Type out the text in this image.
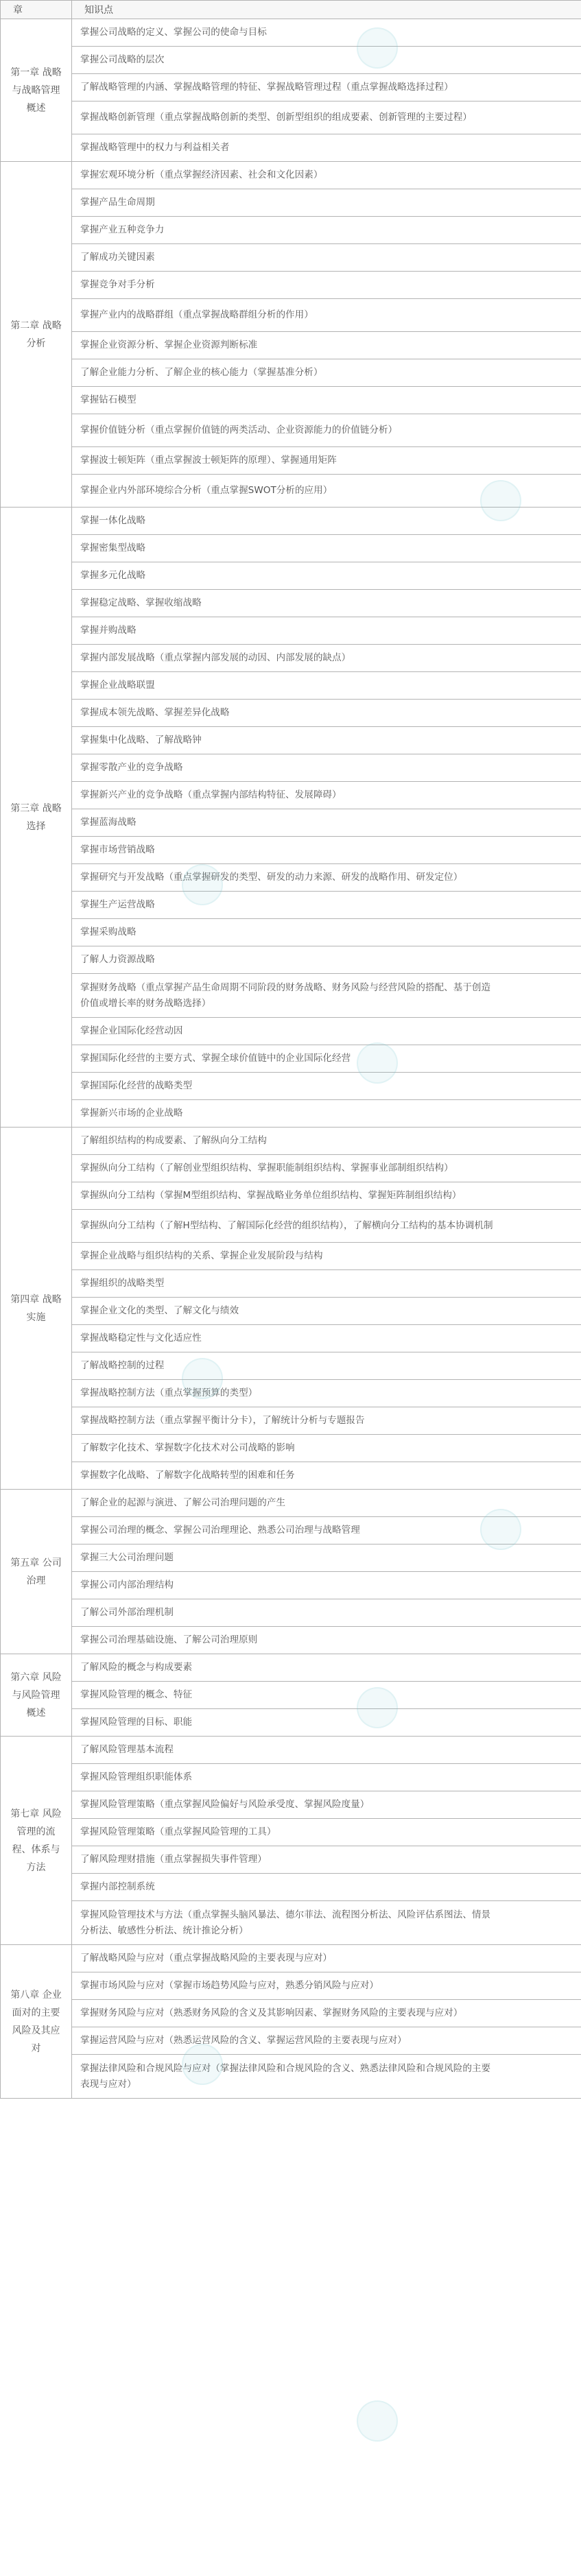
章	知识点

第一章 战略与战略管理概述	掌握公司战略的定义、掌握公司的使命与目标

	掌握公司战略的层次

	了解战略管理的内涵、掌握战略管理的特征、掌握战略管理过程（重点掌握战略选择过程）

	掌握战略创新管理（重点掌握战略创新的类型、创新型组织的组成要素、创新管理的主要过程）

	掌握战略管理中的权力与利益相关者

第二章 战略分析	掌握宏观环境分析（重点掌握经济因素、社会和文化因素）

	掌握产品生命周期

	掌握产业五种竞争力

	了解成功关键因素

	掌握竞争对手分析

	掌握产业内的战略群组（重点掌握战略群组分析的作用）

	掌握企业资源分析、掌握企业资源判断标准

	了解企业能力分析、了解企业的核心能力（掌握基准分析）

	掌握钻石模型

	掌握价值链分析（重点掌握价值链的两类活动、企业资源能力的价值链分析）

	掌握波士顿矩阵（重点掌握波士顿矩阵的原理）、掌握通用矩阵

	掌握企业内外部环境综合分析（重点掌握SWOT分析的应用）

第三章 战略选择	掌握一体化战略

	掌握密集型战略

	掌握多元化战略

	掌握稳定战略、掌握收缩战略

	掌握并购战略

	掌握内部发展战略（重点掌握内部发展的动因、内部发展的缺点）

	掌握企业战略联盟

	掌握成本领先战略、掌握差异化战略

	掌握集中化战略、了解战略钟

	掌握零散产业的竞争战略

	掌握新兴产业的竞争战略（重点掌握内部结构特征、发展障碍）

	掌握蓝海战略

	掌握市场营销战略

	掌握研究与开发战略（重点掌握研发的类型、研发的动力来源、研发的战略作用、研发定位）

	掌握生产运营战略

	掌握采购战略

	了解人力资源战略

	掌握财务战略（重点掌握产品生命周期不同阶段的财务战略、财务风险与经营风险的搭配、基于创造
价值或增长率的财务战略选择）

	掌握企业国际化经营动因

	掌握国际化经营的主要方式、掌握全球价值链中的企业国际化经营

	掌握国际化经营的战略类型

	掌握新兴市场的企业战略

第四章 战略实施	了解组织结构的构成要素、了解纵向分工结构

	掌握纵向分工结构（了解创业型组织结构、掌握职能制组织结构、掌握事业部制组织结构）

	掌握纵向分工结构（掌握M型组织结构、掌握战略业务单位组织结构、掌握矩阵制组织结构）

	掌握纵向分工结构（了解H型结构、了解国际化经营的组织结构），了解横向分工结构的基本协调机制

	掌握企业战略与组织结构的关系、掌握企业发展阶段与结构

	掌握组织的战略类型

	掌握企业文化的类型、了解文化与绩效

	掌握战略稳定性与文化适应性

	了解战略控制的过程

	掌握战略控制方法（重点掌握预算的类型）

	掌握战略控制方法（重点掌握平衡计分卡），了解统计分析与专题报告

	了解数字化技术、掌握数字化技术对公司战略的影响

	掌握数字化战略、了解数字化战略转型的困难和任务

第五章 公司治理	了解企业的起源与演进、了解公司治理问题的产生

	掌握公司治理的概念、掌握公司治理理论、熟悉公司治理与战略管理

	掌握三大公司治理问题

	掌握公司内部治理结构

	了解公司外部治理机制

	掌握公司治理基础设施、了解公司治理原则

第六章 风险与风险管理概述	了解风险的概念与构成要素

	掌握风险管理的概念、特征

	掌握风险管理的目标、职能

第七章 风险管理的流程、体系与方法	了解风险管理基本流程

	掌握风险管理组织职能体系

	掌握风险管理策略（重点掌握风险偏好与风险承受度、掌握风险度量）

	掌握风险管理策略（重点掌握风险管理的工具）

	了解风险理财措施（重点掌握损失事件管理）

	掌握内部控制系统

	掌握风险管理技术与方法（重点掌握头脑风暴法、德尔菲法、流程图分析法、风险评估系图法、情景
分析法、敏感性分析法、统计推论分析）

第八章 企业面对的主要风险及其应对	了解战略风险与应对（重点掌握战略风险的主要表现与应对）

	掌握市场风险与应对（掌握市场趋势风险与应对，熟悉分销风险与应对）

	掌握财务风险与应对（熟悉财务风险的含义及其影响因素、掌握财务风险的主要表现与应对）

	掌握运营风险与应对（熟悉运营风险的含义、掌握运营风险的主要表现与应对）

	掌握法律风险和合规风险与应对（掌握法律风险和合规风险的含义、熟悉法律风险和合规风险的主要
表现与应对）
